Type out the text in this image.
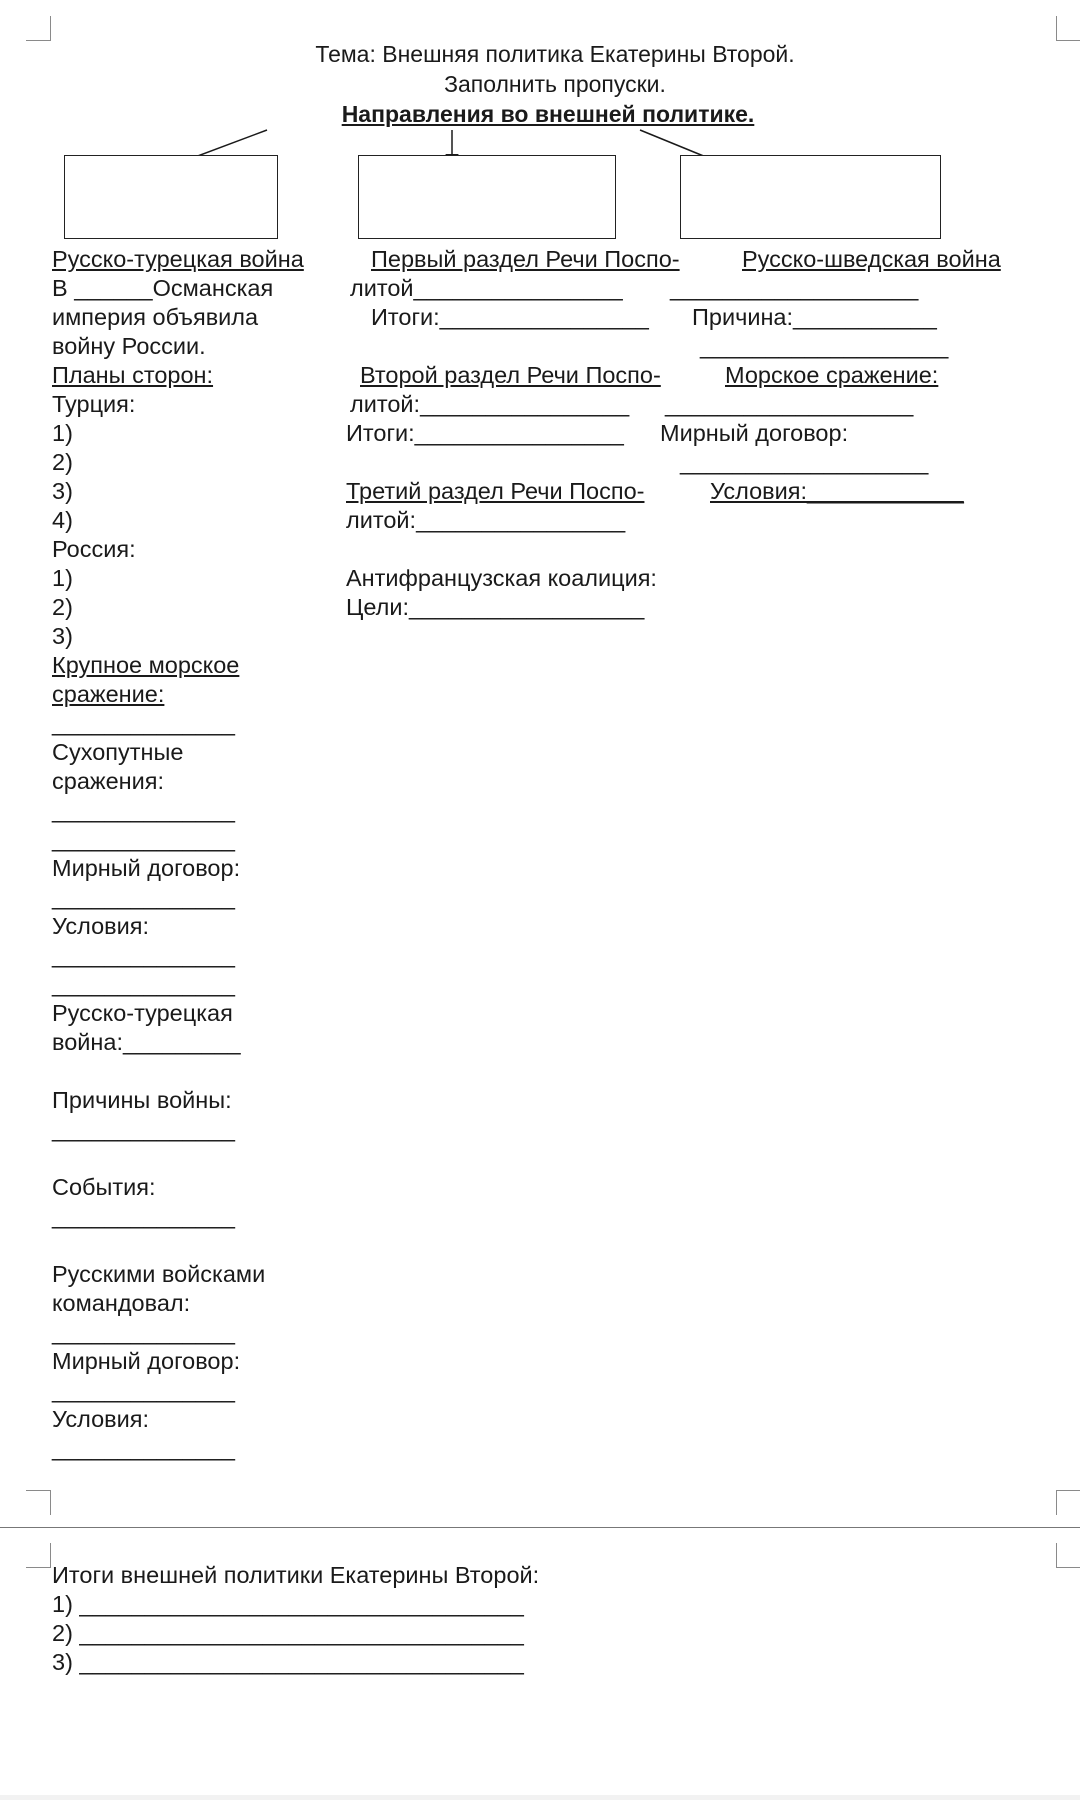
Тема: Внешняя политика Екатерины Второй.
Заполнить пропуски.
Направления во внешней политике.
Русско-турецкая война
В ______Османская
империя объявила
войну России.
Планы сторон:
Турция:
1)
2)
3)
4)
Россия:
1)
2)
3)
Крупное морское
сражение:
______________
Сухопутные
сражения:
______________
______________
Мирный договор:
______________
Условия:
______________
______________
Русско-турецкая
война:_________
Причины войны:
______________
События:
______________
Русскими войсками
командовал:
______________
Мирный договор:
______________
Условия:
______________
Первый раздел Речи Поспо-
литой________________
Итоги:________________
Второй раздел Речи Поспо-
литой:________________
Итоги:________________
Третий раздел Речи Поспо-
литой:________________
Антифранцузская коалиция:
Цели:__________________
Русско-шведская война
___________________
Причина:___________
___________________
Морское сражение:
___________________
Мирный договор:
___________________
Условия:____________
Итоги внешней политики Екатерины Второй:
1) __________________________________
2) __________________________________
3) __________________________________
